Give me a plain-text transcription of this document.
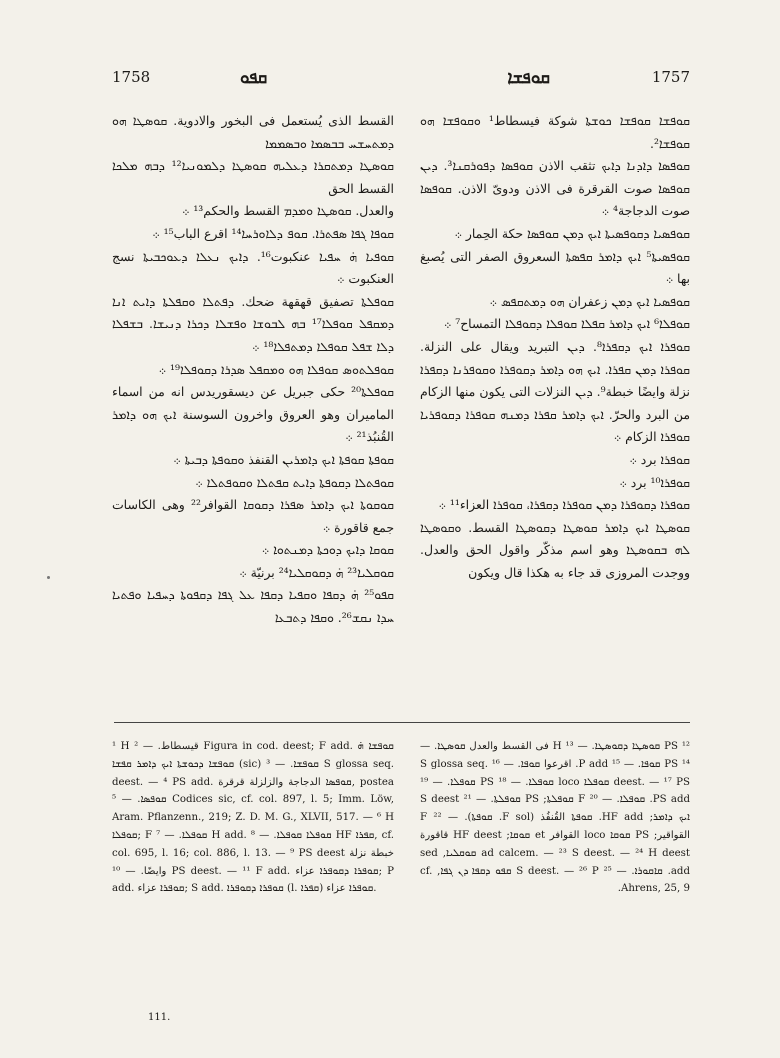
1758	ܩܦܘ	ܩܘܦܫܐ	1757

القسط الذى يُستعمل فى البخور والادوية. ܩܘܣܛܐ ܗܘ ܕܡܬܚܫܚ ܒܒܣܡܐ ܘܒܣܡܡܐ

ܩܘܣܛܐ ܕܡܬܩܪܐ ܕܥܠܝܗ ܩܘܣܛܐ ܕܠܡܘܢܝܐ¹² ܕܒܗ ܡܠܟܐ القسط الحق

والعدل. ܩܘܣܛܐ ܘܡܕܡ القسط والحكم¹³ ܀

ܩܘܦܐ ܓܦܐ ܣܦܬܪܐ. ܩܘܦ ܕܠܐܘܪܚܐ¹⁴ اقرع الباب¹⁵ ܀

ܩܘܦܝܐ ܗ̇ ܚܦܝܐ عنكبوت¹⁶. ܕܐܝܟ ܢܥܠܐ ܕܥܘܟܒܝܬܐ نسج العنكبوت ܀

ܩܘܦܠܬܐ تصفيق قهقهة ضحك. ܕܦܬܠܐ ܘܩܦܠܬܐ ܕܐܝܬ ܐܢܐ ܕܡܩܦܠ ܩܘܦܠܐ¹⁷ ܒܗ ܠܒܘܫܐ ܘܦܫܠܐ ܕܟܪܐ ܕܢܝܫܐ. ܒܫܦܠܐ ܕܠܐ ܫܦܠ ܩܘܦܠܐ ܕܡܬܦܠܐ¹⁸ ܀

ܩܘܦܠܬܘܣ ܩܘܦܠܐ ܗܘ ܘܡܩܦܠ ܣܕܪܐ ܕܩܘܦܠܐ¹⁹ ܀

ܩܘܦܠܬܐ²⁰ حكى جبريل عن ديسقوريدس انه من اسماء الماميران وهو العروق واخرون السوسنة ܐܝܟ ܗܘ ܕܐܡܪ القُنبُذ²¹ ܀

ܩܘܦܬܐ ܩܘܦܬܐ ܐܝܟ ܕܐܡܪܝܢ القنفذ ܘܩܘܦܬܐ ܕܒܝܬܐ ܀

ܩܘܦܬܠܐ ܕܩܘܦܬܐ ܕܐܝܬ ܩܦܬܠܐ ܘܩܘܦܬܠܐ ܀

ܩܘܩܘܬܐ ܐܝܟ ܕܐܡܪ ܣܦܪܐ ܕܩܘܩܐ القوافر²² وهى الكاسات جمع قاقورة ܀

ܩܘܩܐ ܕܐܝܟ ܕܘܟܬܐ ܕܡܢܬܘܐ ܀

ܩܘܩܠܝܐ²³ ܗ̇ ܕܩܘܩܠܝܐ²⁴ برنيّة ܀

ܩܦܘ²⁵ ܗ̇ ܕܩܦܐ ܘܩܦܝܐ ܕܩܦܐ ܥܠ ܓܦܐ ܕܩܦܘܬܐ ܕܚܦܝܐ ܘܦܬܝܐ ܚܕܐ ܢܩܫ²⁶. ܘܩܦܐ ܕܬܒܥܐ

ܩܘܦܫܐ ܩܘܦܫܐ ܟܘܫܬܐ شوكة فيسطاط¹ ܘܩܘܦܫܐ ܗܘ ܩܘܦܫܐ².

ܩܘܦܣܐ ܕܐܕܢܐ ܕܐܝܟ تثقب الاذن ܩܘܦܣܐ ܕܦܘܪܩܢܐ³. ܕܝܢ ܩܘܦܣܐ صوت القرقرة فى الاذن ودوىّ الاذن. ܩܘܦܣܐ صوت الدجاجة⁴ ܀

ܩܘܦܣܝܐ ܕܩܘܦܣܝܬܐ ܐܝܟ ܕܡܢ ܩܘܦܣܐ حكة الحِمار ܀

ܩܘܦܣܝܬܐ⁵ ܐܝܟ ܕܐܡܪ ܩܦܣܬܐ السعروق الصفر التى يُصبغ بها ܀

ܩܘܦܣܝܐ ܐܝܟ ܕܡܢ زعفران ܗܘ ܕܡܬܩܦܣ ܀

ܩܘܦܠܐ⁶ ܐܝܟ ܕܐܡܪ ܩܦܠܐ ܩܘܦܠܐ ܕܩܘܦܠܐ التمساح⁷ ܀

ܩܘܦܪܐ ܐܝܟ ܕܩܦܪܐ⁸. ܕܝܢ التبريد ويقال على النزلة. ܩܘܦܪܐ ܕܡܢ ܩܦܪܐ. ܐܝܟ ܗܘ ܕܐܡܪ ܕܩܘܦܪܐ ܘܩܘܦܪܢܐ ܕܩܦܪܐ نزلة وايضًا خبطة⁹. ܕܝܢ النزلات التى يكون منها الزكام من البرد والحرّ. ܐܝܟ ܕܐܡܪ ܩܦܪܐ ܕܡܢܗ ܩܘܦܪܐ ܕܩܘܦܪܝܐ ܩܘܦܪܐ الزكام ܀

ܩܘܦܪܐ برد ܀

ܩܘܦܪܐ¹⁰ برد ܀

ܩܘܦܪܐ ܕܩܘܦܪܐ ܕܡܢ ܩܘܦܪܐ ܕܩܦܪܐ، ܩܘܦܪܐ العزاء¹¹ ܀

ܩܘܣܛܐ ܐܝܟ ܕܐܡܪ ܩܘܣܛܐ ܕܩܘܣܛܐ القسط. ܘܩܘܣܛܐ ܠܗ ܒܩܘܣܛܐ وهو اسم مذكّر واقول الحق والعدل. ووجدت المروزى قد جاء به هكذا قال ويكون

¹ H قيسطاط. — ² Figura in cod. deest; F add. ܩܘܦܫܐ ܗ̇ ܩܘܦܫܐ ܕܟܘܫܬܐ ܐܝܟ ܕܐܡܪ ܩܦܫܐ (sic) ܩܘܦܫܐ. — ³ S glossa seq. deest. — ⁴ PS add. ܩܘܦܣܐ الدجاجة والزلزلة قرقرة, postea ܩܘܦܣܐ. — ⁵ Codices sic, cf. col. 897, l. 5; Imm. Löw, Aram. Pflanzenn., 219; Z. D. M. G., XLVII, 517. — ⁶ H ܩܘܦܠܐ; F ܩܘܦܠܐ. — ⁷ H add. ܩܘܦܠܐ ܩܘܦܠܐ. — ⁸ HF ܩܦܪܐ, cf. col. 695, l. 16; col. 886, l. 13. — ⁹ PS deest خبطة نزلة وايضًا. — ¹⁰ PS deest. — ¹¹ F add. ܩܘܦܪܐ ܕܩܘܦܪܐ عزاء; P add. ܩܘܦܪܐ عزاء; S add. ܩܘܦܪܐ ܕܩܘܦܪܐ (l. ܩܦܪܐ) ܩܘܦܪܐ عزاء.

¹² PS ܩܘܣܛܐ ܕܩܘܣܛܐ. — ¹³ H فى القسط والعدل ܩܘܣܛܐ. — ¹⁴ PS ܩܘܦܐ. — ¹⁵ P add. اقرعوا ܩܘܦܐ. — ¹⁶ S glossa seq. deest. — ¹⁷ PS ܩܘܦܠܐ loco ܩܘܦܠܐ. — ¹⁸ PS ܩܘܦܠܐ. — ¹⁹ PS add. ܩܘܦܠܐ. — ²⁰ F ܩܘܦܠܬܐ; PS ܩܘܦܠܬܐ. — ²¹ S deest ܐܝܟ ܕܐܡܪ; HF add. ܩܘܦܬܐ القُنفُذ (F sol. ܩܘܦܬܐ). — ²² F القواقير; PS ܩܘܩܐ loco القوافر et ܩܘܩܐ; HF deest قاقورة ad calcem. — ²³ S deest. — ²⁴ H deest ܩܘܩܠܝܐ, sed add. ܩܐܩܘܪܐ. — ²⁵ S deest. — ²⁶ P ܩܦܘ ܕܩܦܐ ܕܢ ܓܦܐ, cf. Ahrens, 25, 9.

111.
